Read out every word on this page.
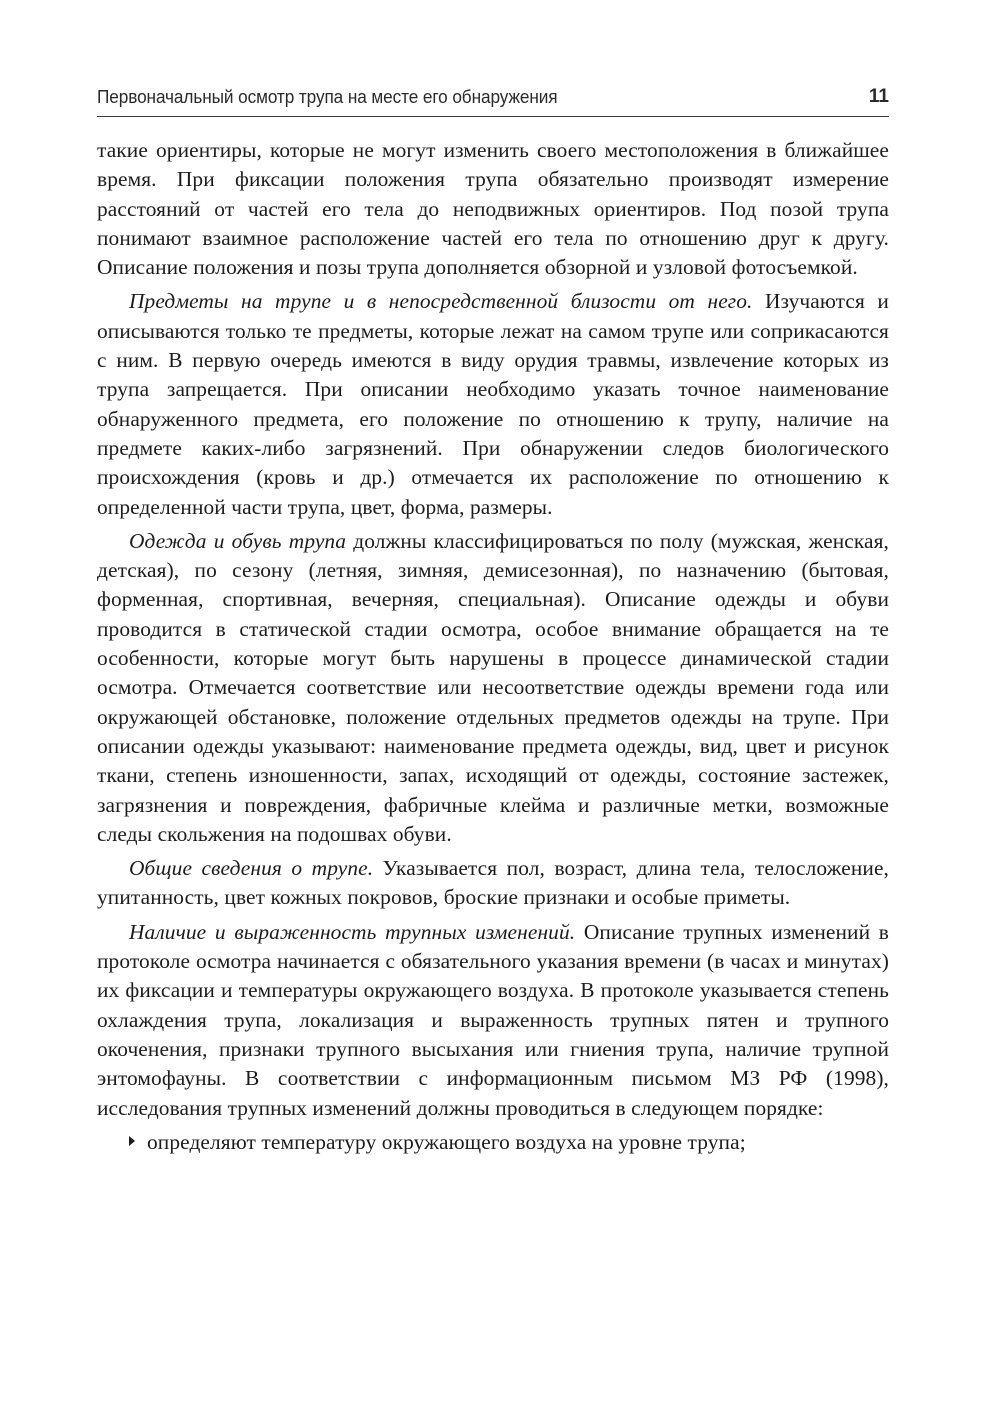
Первоначальный осмотр трупа на месте его обнаружения	11

такие ориентиры, которые не могут изменить своего местоположения в ближайшее время. При фиксации положения трупа обязательно производят измерение расстояний от частей его тела до неподвижных ориентиров. Под позой трупа понимают взаимное расположение частей его тела по отношению друг к другу. Описание положения и позы трупа дополняется обзорной и узловой фотосъемкой.

Предметы на трупе и в непосредственной близости от него. Изучаются и описываются только те предметы, которые лежат на самом трупе или соприкасаются с ним. В первую очередь имеются в виду орудия травмы, извлечение которых из трупа запрещается. При описании необходимо указать точное наименование обнаруженного предмета, его положение по отношению к трупу, наличие на предмете каких-либо загрязнений. При обнаружении следов биологического происхождения (кровь и др.) отмечается их расположение по отношению к определенной части трупа, цвет, форма, размеры.

Одежда и обувь трупа должны классифицироваться по полу (мужская, женская, детская), по сезону (летняя, зимняя, демисезонная), по назначению (бытовая, форменная, спортивная, вечерняя, специальная). Описание одежды и обуви проводится в статической стадии осмотра, особое внимание обращается на те особенности, которые могут быть нарушены в процессе динамической стадии осмотра. Отмечается соответствие или несоответствие одежды времени года или окружающей обстановке, положение отдельных предметов одежды на трупе. При описании одежды указывают: наименование предмета одежды, вид, цвет и рисунок ткани, степень изношенности, запах, исходящий от одежды, состояние застежек, загрязнения и повреждения, фабричные клейма и различные метки, возможные следы скольжения на подошвах обуви.

Общие сведения о трупе. Указывается пол, возраст, длина тела, телосложение, упитанность, цвет кожных покровов, броские признаки и особые приметы.

Наличие и выраженность трупных изменений. Описание трупных изменений в протоколе осмотра начинается с обязательного указания времени (в часах и минутах) их фиксации и температуры окружающего воздуха. В протоколе указывается степень охлаждения трупа, локализация и выраженность трупных пятен и трупного окоченения, признаки трупного высыхания или гниения трупа, наличие трупной энтомофауны. В соответствии с информационным письмом МЗ РФ (1998), исследования трупных изменений должны проводиться в следующем порядке:

определяют температуру окружающего воздуха на уровне трупа;
